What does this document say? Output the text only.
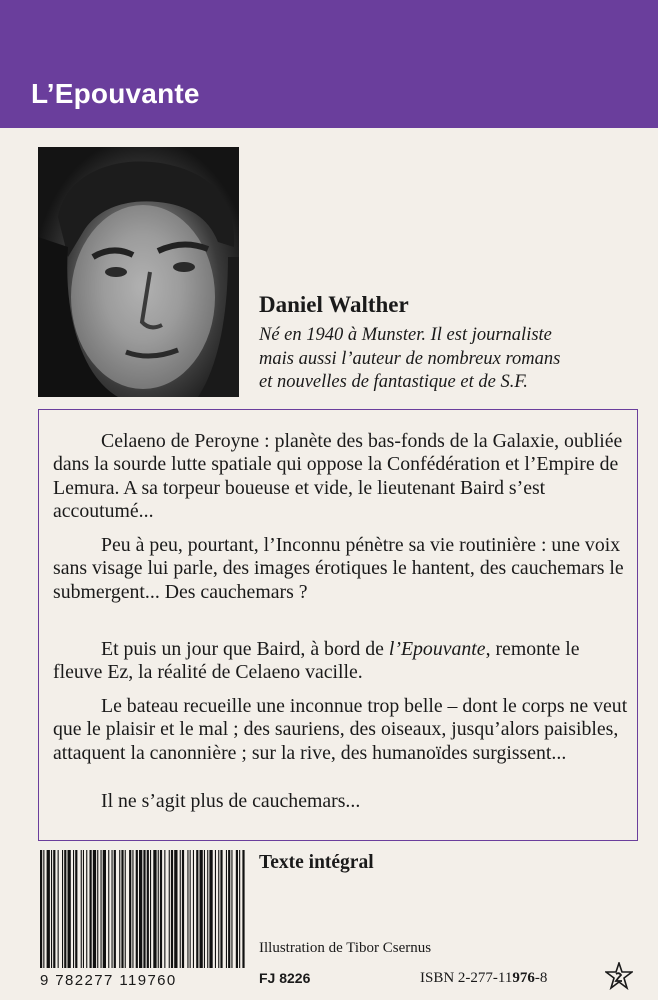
L’Epouvante
Daniel Walther
Né en 1940 à Munster. Il est journaliste
mais aussi l’auteur de nombreux romans
et nouvelles de fantastique et de S.F.

Celaeno de Peroyne : planète des bas-fonds de la Galaxie, oubliée dans la sourde lutte spatiale qui oppose la Confédération et l’Empire de Lemura. A sa torpeur boueuse et vide, le lieutenant Baird s’est accoutumé...

Peu à peu, pourtant, l’Inconnu pénètre sa vie routinière : une voix sans visage lui parle, des images érotiques le hantent, des cauchemars le submergent... Des cauchemars ?

Et puis un jour que Baird, à bord de l’Epouvante, remonte le fleuve Ez, la réalité de Celaeno vacille.

Le bateau recueille une inconnue trop belle – dont le corps ne veut que le plaisir et le mal ; des sauriens, des oiseaux, jusqu’alors paisibles, attaquent la canonnière ; sur la rive, des humanoïdes surgissent...

Il ne s’agit plus de cauchemars...

9 782277 119760
Texte intégral
Illustration de Tibor Csernus
FJ 8226	ISBN 2-277-11976-8
